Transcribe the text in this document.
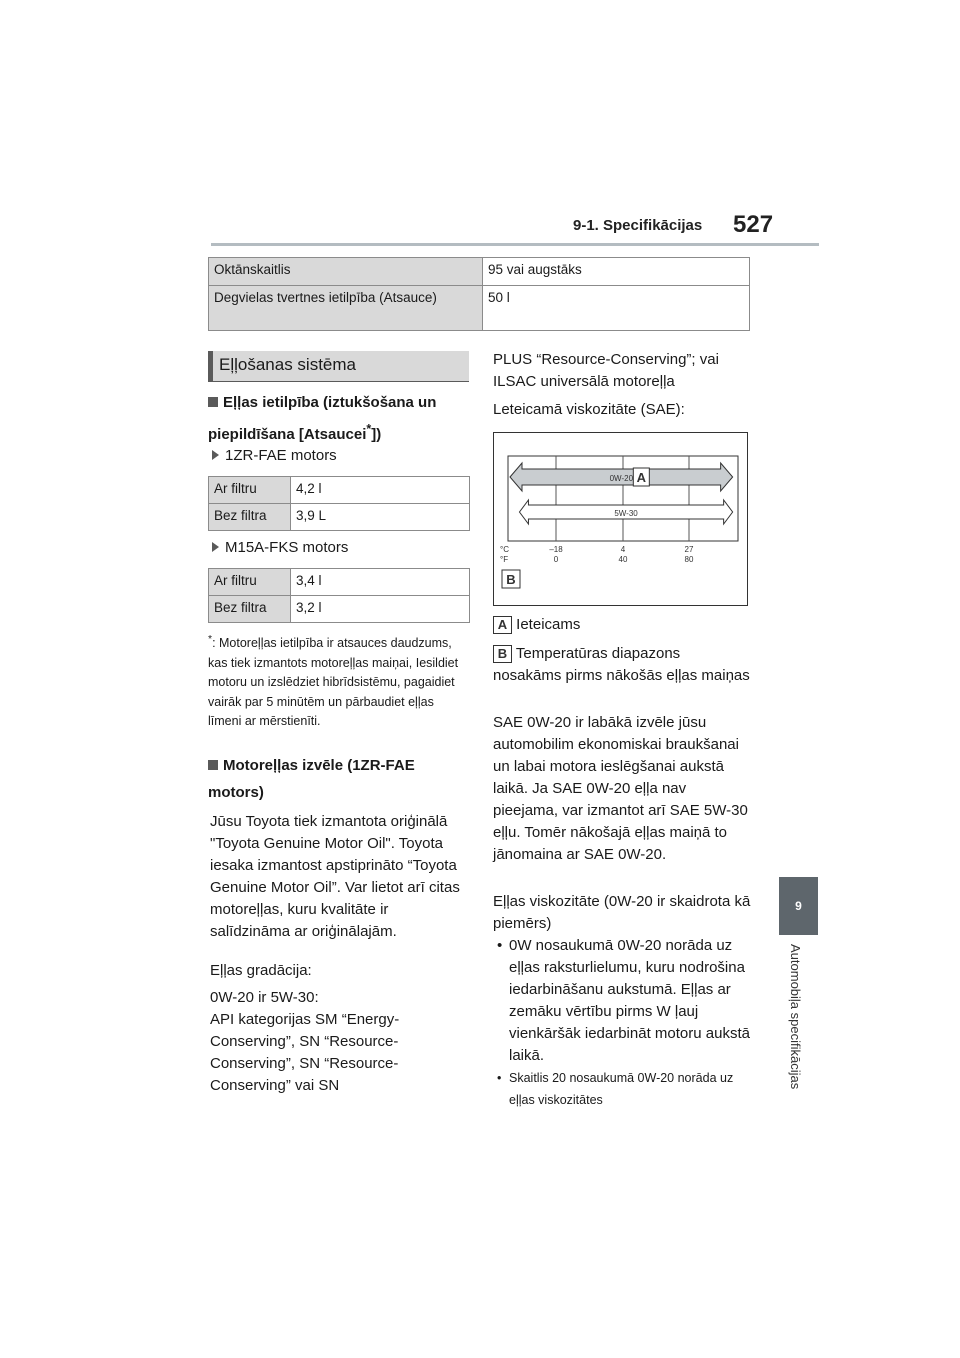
9-1. Specifikācijas 527
9
Automobiļa specifikācijas
Oktānskaitlis	95 vai augstāks
Degvielas tvertnes ietilpība (Atsauce)	50 l
Eļļošanas sistēma
Eļļas ietilpība (iztukšošana un piepildīšana [Atsaucei*])
1ZR-FAE motors
Ar filtru	4,2 l
Bez filtra	3,9 L
M15A-FKS motors
Ar filtru	3,4 l
Bez filtra	3,2 l
*: Motoreļļas ietilpība ir atsauces daudzums, kas tiek izmantots motoreļļas maiņai, Iesildiet motoru un izslēdziet hibrīdsistēmu, pagaidiet vairāk par 5 minūtēm un pārbaudiet eļļas līmeni ar mērstienīti.
Motoreļļas izvēle (1ZR-FAE motors)
Jūsu Toyota tiek izmantota oriģinālā "Toyota Genuine Motor Oil". Toyota iesaka izmantost apstiprināto “Toyota Genuine Motor Oil”. Var lietot arī citas motoreļļas, kuru kvalitāte ir salīdzināma ar oriģinālajām.
Eļļas gradācija:
0W-20 ir 5W-30:
API kategorijas SM “Energy-Conserving”, SN “Resource-Conserving”, SN “Resource-Conserving” vai SN
PLUS “Resource-Conserving”; vai ILSAC universālā motoreļļa
Leteicamā viskozitāte (SAE):
0W-20 A
5W-30
°C
°F
–18	4	27
0	40	80
B
A Ieteicams
B Temperatūras diapazons nosakāms pirms nākošās eļļas maiņas
SAE 0W-20 ir labākā izvēle jūsu automobilim ekonomiskai braukšanai un labai motora ieslēgšanai aukstā laikā. Ja SAE 0W-20 eļļa nav pieejama, var izmantot arī SAE 5W-30 eļļu. Tomēr nākošajā eļļas maiņā to jānomaina ar SAE 0W-20.
Eļļas viskozitāte (0W-20 ir skaidrota kā piemērs)
• 0W nosaukumā 0W-20 norāda uz eļļas raksturlielumu, kuru nodrošina iedarbināšanu aukstumā. Eļļas ar zemāku vērtību pirms W ļauj vienkāršāk iedarbināt motoru aukstā laikā.
• Skaitlis 20 nosaukumā 0W-20 norāda uz eļļas viskozitātes
